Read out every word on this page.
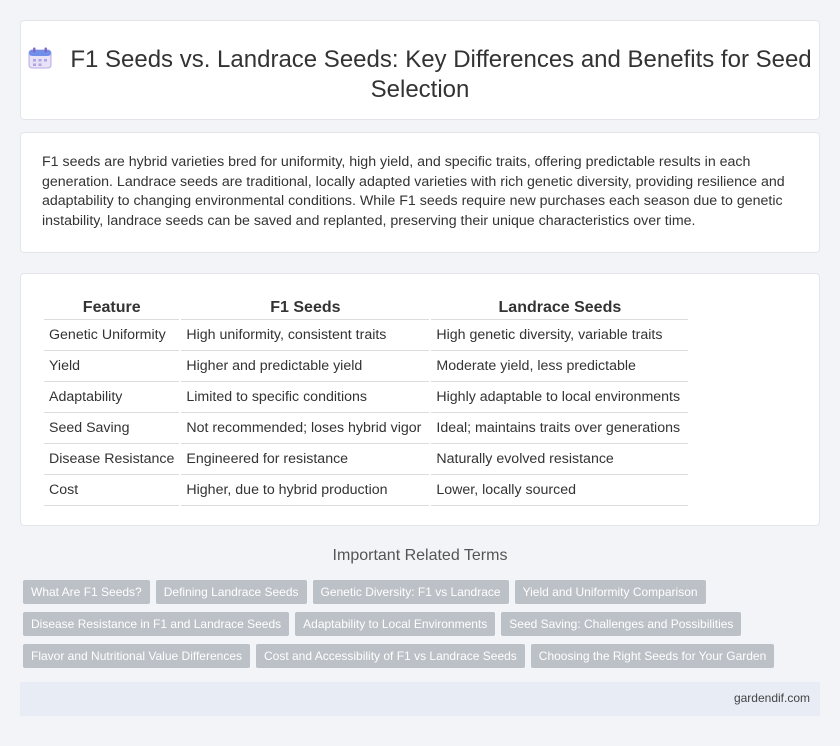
F1 Seeds vs. Landrace Seeds: Key Differences and Benefits for Seed Selection

F1 seeds are hybrid varieties bred for uniformity, high yield, and specific traits, offering predictable results in each generation. Landrace seeds are traditional, locally adapted varieties with rich genetic diversity, providing resilience and adaptability to changing environmental conditions. While F1 seeds require new purchases each season due to genetic instability, landrace seeds can be saved and replanted, preserving their unique characteristics over time.

Feature	F1 Seeds	Landrace Seeds
Genetic Uniformity	High uniformity, consistent traits	High genetic diversity, variable traits
Yield	Higher and predictable yield	Moderate yield, less predictable
Adaptability	Limited to specific conditions	Highly adaptable to local environments
Seed Saving	Not recommended; loses hybrid vigor	Ideal; maintains traits over generations
Disease Resistance	Engineered for resistance	Naturally evolved resistance
Cost	Higher, due to hybrid production	Lower, locally sourced
Important Related Terms
What Are F1 Seeds? Defining Landrace Seeds Genetic Diversity: F1 vs Landrace Yield and Uniformity Comparison
Disease Resistance in F1 and Landrace Seeds Adaptability to Local Environments Seed Saving: Challenges and Possibilities
Flavor and Nutritional Value Differences Cost and Accessibility of F1 vs Landrace Seeds Choosing the Right Seeds for Your Garden
gardendif.com
